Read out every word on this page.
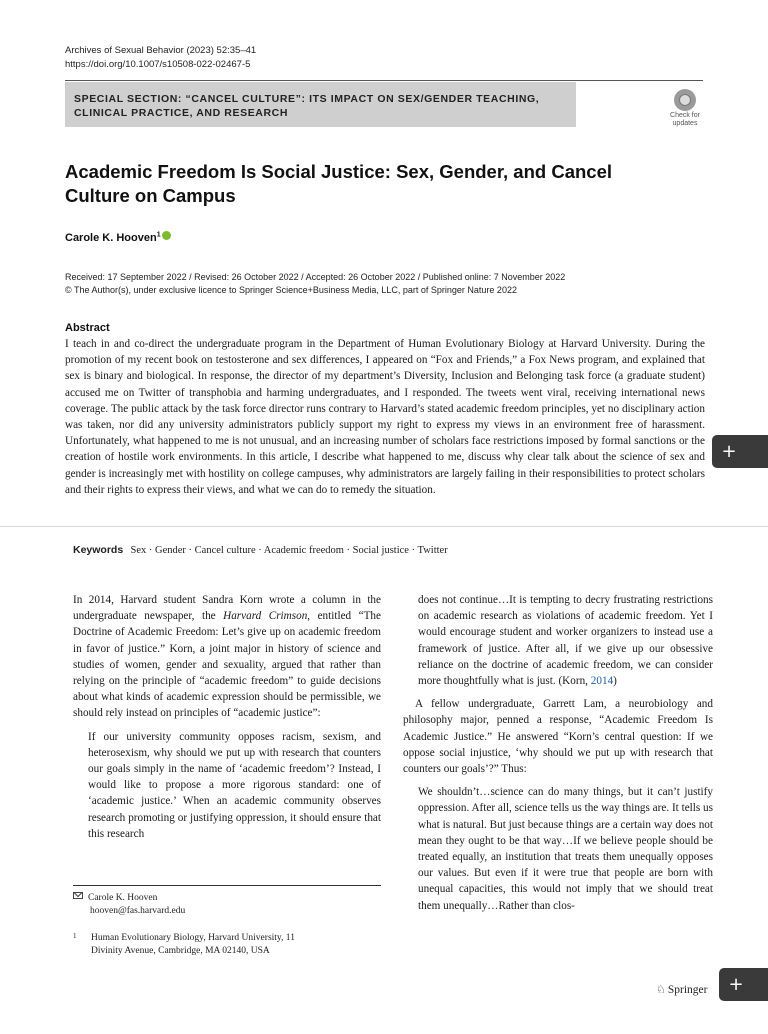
Archives of Sexual Behavior (2023) 52:35–41
https://doi.org/10.1007/s10508-022-02467-5
SPECIAL SECTION: “CANCEL CULTURE”: ITS IMPACT ON SEX/GENDER TEACHING,
CLINICAL PRACTICE, AND RESEARCH	Check for
updates
Academic Freedom Is Social Justice: Sex, Gender, and Cancel Culture on Campus
Carole K. Hooven$^1$
Received: 17 September 2022 / Revised: 26 October 2022 / Accepted: 26 October 2022 / Published online: 7 November 2022
© The Author(s), under exclusive licence to Springer Science+Business Media, LLC, part of Springer Nature 2022
Abstract

I teach in and co-direct the undergraduate program in the Department of Human Evolutionary Biology at Harvard University. During the promotion of my recent book on testosterone and sex differences, I appeared on “Fox and Friends,” a Fox News program, and explained that sex is binary and biological. In response, the director of my department’s Diversity, Inclusion and Belonging task force (a graduate student) accused me on Twitter of transphobia and harming undergraduates, and I responded. The tweets went viral, receiving international news coverage. The public attack by the task force director runs contrary to Harvard’s stated academic freedom principles, yet no disciplinary action was taken, nor did any university administrators publicly support my right to express my views in an environment free of harassment. Unfortunately, what happened to me is not unusual, and an increasing number of scholars face restrictions imposed by formal sanctions or the creation of hostile work environments. In this article, I describe what happened to me, discuss why clear talk about the science of sex and gender is increasingly met with hostility on college campuses, why administrators are largely failing in their responsibilities to protect scholars and their rights to express their views, and what we can do to remedy the situation.

Keywords Sex · Gender · Cancel culture · Academic freedom · Social justice · Twitter

In 2014, Harvard student Sandra Korn wrote a column in the undergraduate newspaper, the Harvard Crimson, entitled “The Doctrine of Academic Freedom: Let’s give up on academic freedom in favor of justice.” Korn, a joint major in history of science and studies of women, gender and sexuality, argued that rather than relying on the principle of “academic freedom” to guide decisions about what kinds of academic expression should be permissible, we should rely instead on principles of “academic justice”:

If our university community opposes racism, sexism, and heterosexism, why should we put up with research that counters our goals simply in the name of ‘academic freedom’? Instead, I would like to propose a more rigorous standard: one of ‘academic justice.’ When an academic community observes research promoting or justifying oppression, it should ensure that this research

does not continue…It is tempting to decry frustrating restrictions on academic research as violations of academic freedom. Yet I would encourage student and worker organizers to instead use a framework of justice. After all, if we give up our obsessive reliance on the doctrine of academic freedom, we can consider more thoughtfully what is just. (Korn, 2014)

A fellow undergraduate, Garrett Lam, a neurobiology and philosophy major, penned a response, “Academic Freedom Is Academic Justice.” He answered “Korn’s central question: If we oppose social injustice, ‘why should we put up with research that counters our goals’?” Thus:

We shouldn’t…science can do many things, but it can’t justify oppression. After all, science tells us the way things are. It tells us what is natural. But just because things are a certain way does not mean they ought to be that way…If we believe people should be treated equally, an institution that treats them unequally opposes our values. But even if it were true that people are born with unequal capacities, this would not imply that we should treat them unequally…Rather than clos-

Carole K. Hooven
hooven@fas.harvard.edu
1	Human Evolutionary Biology, Harvard University, 11
Divinity Avenue, Cambridge, MA 02140, USA
♘ Springer
+–
+–
